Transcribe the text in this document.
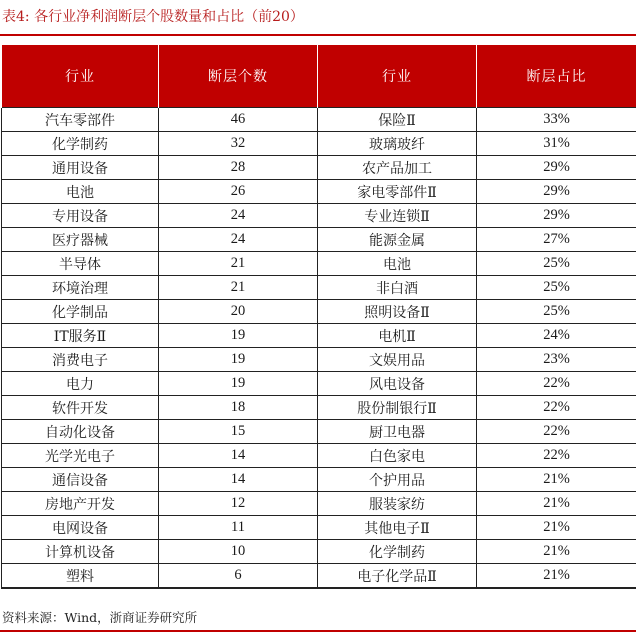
表4: 各行业净利润断层个股数量和占比（前20）
行业	断层个数	行业	断层占比
汽车零部件	46	保险Ⅱ	33%
化学制药	32	玻璃玻纤	31%
通用设备	28	农产品加工	29%
电池	26	家电零部件Ⅱ	29%
专用设备	24	专业连锁Ⅱ	29%
医疗器械	24	能源金属	27%
半导体	21	电池	25%
环境治理	21	非白酒	25%
化学制品	20	照明设备Ⅱ	25%
IT服务Ⅱ	19	电机Ⅱ	24%
消费电子	19	文娱用品	23%
电力	19	风电设备	22%
软件开发	18	股份制银行Ⅱ	22%
自动化设备	15	厨卫电器	22%
光学光电子	14	白色家电	22%
通信设备	14	个护用品	21%
房地产开发	12	服装家纺	21%
电网设备	11	其他电子Ⅱ	21%
计算机设备	10	化学制药	21%
塑料	6	电子化学品Ⅱ	21%
资料来源：Wind，浙商证券研究所
